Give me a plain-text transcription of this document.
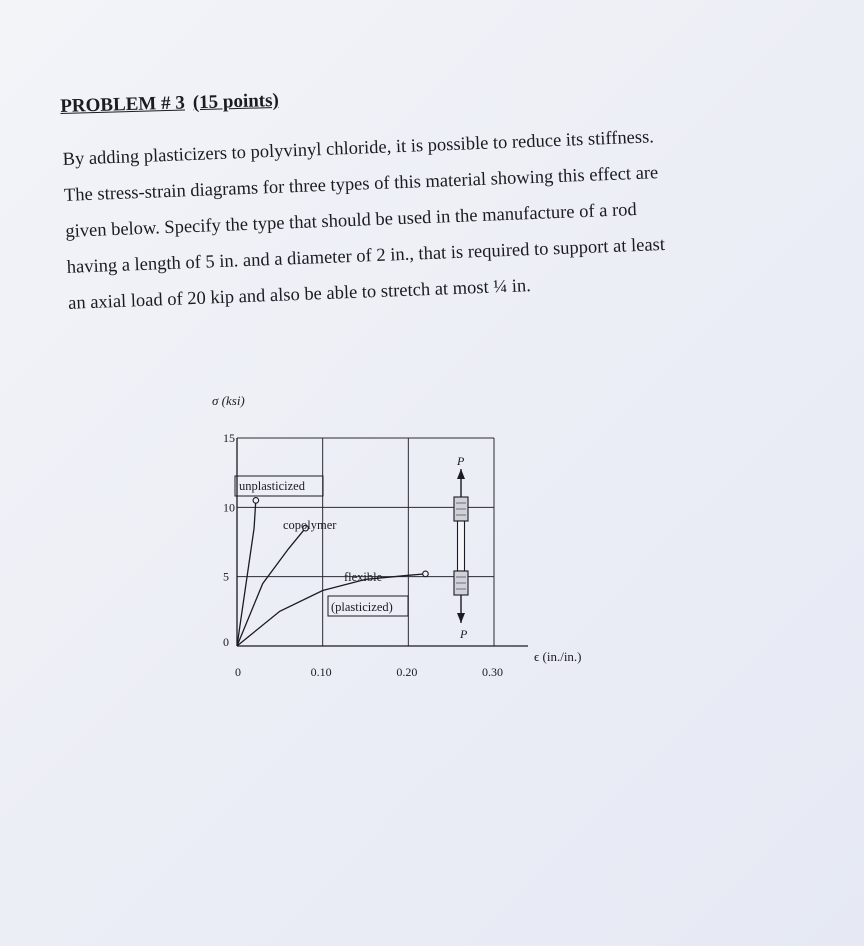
PROBLEM # 3 (15 points)
By adding plasticizers to polyvinyl chloride, it is possible to reduce its stiffness.
The stress-strain diagrams for three types of this material showing this effect are
given below. Specify the type that should be used in the manufacture of a rod
having a length of 5 in. and a diameter of 2 in., that is required to support at least
an axial load of 20 kip and also be able to stretch at most ¼ in.
0	0.10	0.20	0.30
0
5
10
15
σ (ksi)
ϵ (in./in.)
unplasticized
copolymer
flexible
(plasticized)
P
P
